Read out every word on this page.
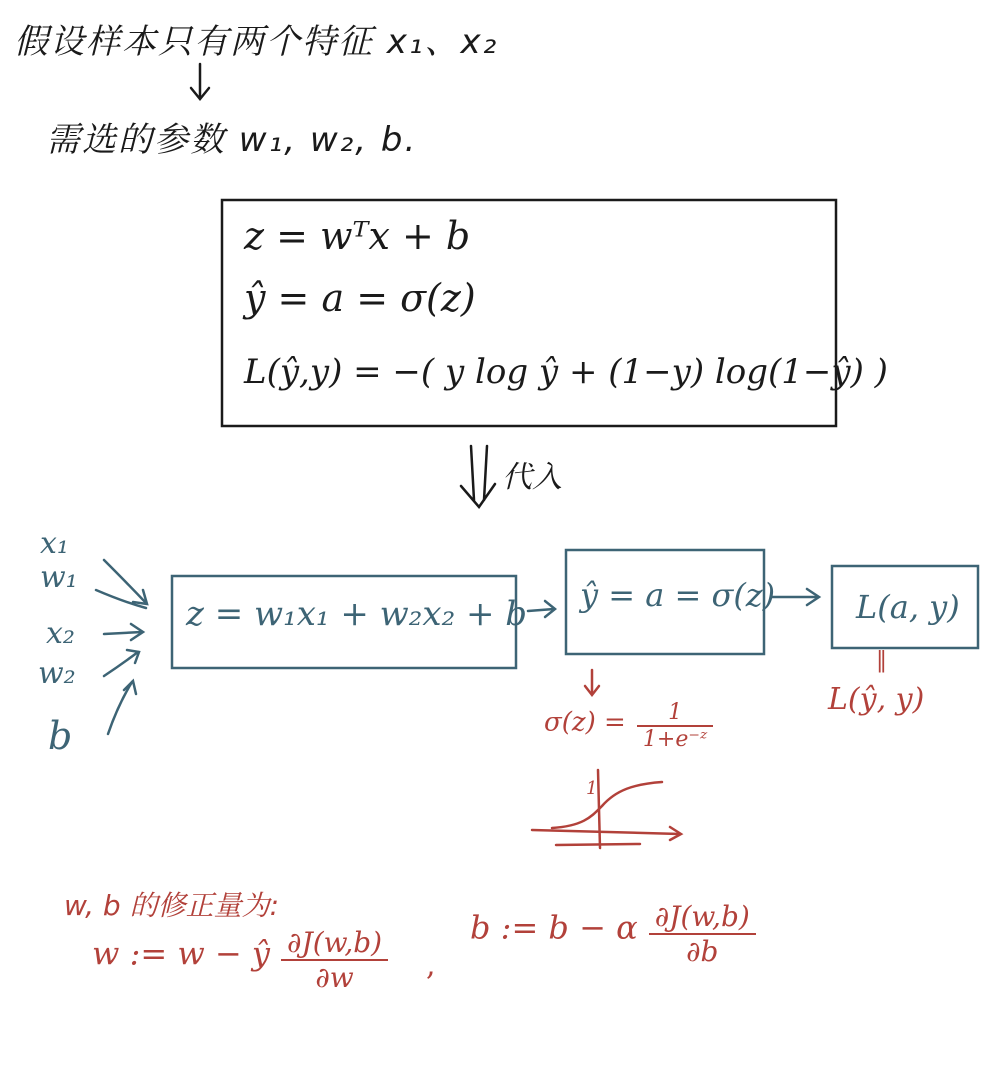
假设样本只有两个特征 x₁、x₂
需选的参数 w₁, w₂, b.
z = wᵀx + b
ŷ = a = σ(z)
L(ŷ,y) = −( y log ŷ + (1−y) log(1−ŷ) )
代入
x₁
w₁
x₂
w₂
b
z = w₁x₁ + w₂x₂ + b ŷ = a = σ(z)	L(a, y)
‖
L(ŷ, y)
$\sigma(z) = \frac{1}{\text{1+e⁻ᶻ}}$
1
w, b 的修正量为:
w := w − ŷ $\frac{\partial J(w,b)}{\partial w}$ ,
b := b − α $\frac{\partial J(w,b)}{\partial b}$
